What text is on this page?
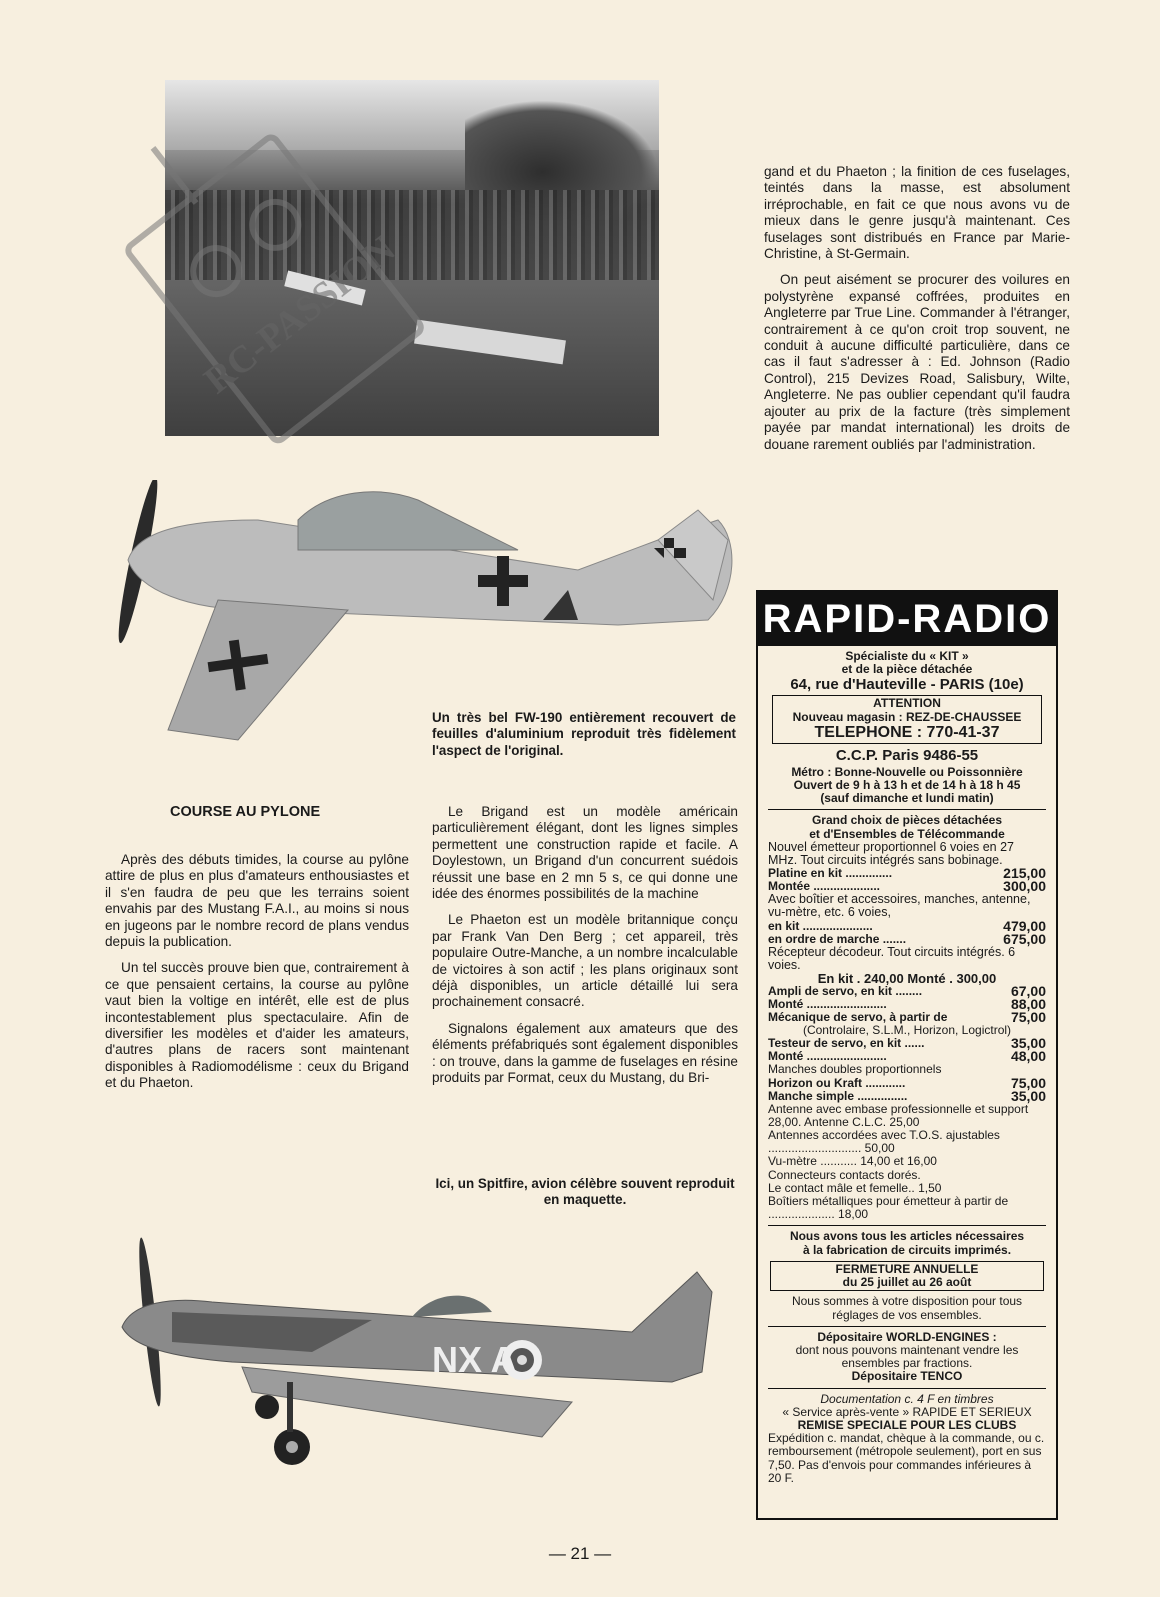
RC-PASSION

gand et du Phaeton ; la finition de ces fuselages, teintés dans la masse, est absolument irréprochable, en fait ce que nous avons vu de mieux dans le genre jusqu'à maintenant. Ces fuselages sont distribués en France par Marie-Christine, à St-Germain.

On peut aisément se procurer des voilures en polystyrène expansé coffrées, produites en Angleterre par True Line. Commander à l'étranger, contrairement à ce qu'on croit trop souvent, ne conduit à aucune difficulté particulière, dans ce cas il faut s'adresser à : Ed. Johnson (Radio Control), 215 Devizes Road, Salisbury, Wilte, Angleterre. Ne pas oublier cependant qu'il faudra ajouter au prix de la facture (très simplement payée par mandat international) les droits de douane rarement oubliés par l'administration.

Un très bel FW-190 entièrement recouvert de feuilles d'aluminium reproduit très fidèlement l'aspect de l'original.
COURSE AU PYLONE

Après des débuts timides, la course au pylône attire de plus en plus d'amateurs enthousiastes et il s'en faudra de peu que les terrains soient envahis par des Mustang F.A.I., au moins si nous en jugeons par le nombre record de plans vendus depuis la publication.

Un tel succès prouve bien que, contrairement à ce que pensaient certains, la course au pylône vaut bien la voltige en intérêt, elle est de plus incontestablement plus spectaculaire. Afin de diversifier les modèles et d'aider les amateurs, d'autres plans de racers sont maintenant disponibles à Radiomodélisme : ceux du Brigand et du Phaeton.

Le Brigand est un modèle américain particulièrement élégant, dont les lignes simples permettent une construction rapide et facile. A Doylestown, un Brigand d'un concurrent suédois réussit une base en 2 mn 5 s, ce qui donne une idée des énormes possibilités de la machine

Le Phaeton est un modèle britannique conçu par Frank Van Den Berg ; cet appareil, très populaire Outre-Manche, a un nombre incalculable de victoires à son actif ; les plans originaux sont déjà disponibles, un article détaillé lui sera prochainement consacré.

Signalons également aux amateurs que des éléments préfabriqués sont également disponibles : on trouve, dans la gamme de fuselages en résine produits par Format, ceux du Mustang, du Bri-

Ici, un Spitfire, avion célèbre souvent reproduit en maquette.
NX A
RAPID-RADIO
Spécialiste du « KIT »
et de la pièce détachée
64, rue d'Hauteville - PARIS (10e)
ATTENTION
Nouveau magasin : REZ-DE-CHAUSSEE
TELEPHONE : 770-41-37
C.C.P. Paris 9486-55
Métro : Bonne-Nouvelle ou Poissonnière
Ouvert de 9 h à 13 h et de 14 h à 18 h 45
(sauf dimanche et lundi matin)
Grand choix de pièces détachées
et d'Ensembles de Télécommande
Nouvel émetteur proportionnel 6 voies en 27 MHz. Tout circuits intégrés sans bobinage.
Platine en kit ..............	215,00
Montée ....................	300,00
Avec boîtier et accessoires, manches, antenne, vu-mètre, etc. 6 voies,
en kit .....................	479,00
en ordre de marche .......	675,00
Récepteur décodeur. Tout circuits intégrés. 6 voies.
En kit . 240,00 Monté . 300,00
Ampli de servo, en kit ........	67,00
Monté ........................	88,00
Mécanique de servo, à partir de	75,00
(Controlaire, S.L.M., Horizon, Logictrol)
Testeur de servo, en kit ......	35,00
Monté ........................	48,00
Manches doubles proportionnels
Horizon ou Kraft ............	75,00
Manche simple ...............	35,00
Antenne avec embase professionnelle et support 28,00. Antenne C.L.C. 25,00
Antennes accordées avec T.O.S. ajustables ............................ 50,00
Vu-mètre ........... 14,00 et 16,00
Connecteurs contacts dorés.
Le contact mâle et femelle.. 1,50
Boîtiers métalliques pour émetteur à partir de .................... 18,00
Nous avons tous les articles nécessaires
à la fabrication de circuits imprimés.
FERMETURE ANNUELLE
du 25 juillet au 26 août
Nous sommes à votre disposition pour tous réglages de vos ensembles.
Dépositaire WORLD-ENGINES :
dont nous pouvons maintenant vendre les ensembles par fractions.
Dépositaire TENCO
Documentation c. 4 F en timbres
« Service après-vente » RAPIDE ET SERIEUX
REMISE SPECIALE POUR LES CLUBS
Expédition c. mandat, chèque à la commande, ou c. remboursement (métropole seulement), port en sus 7,50. Pas d'envois pour commandes inférieures à 20 F.
— 21 —
